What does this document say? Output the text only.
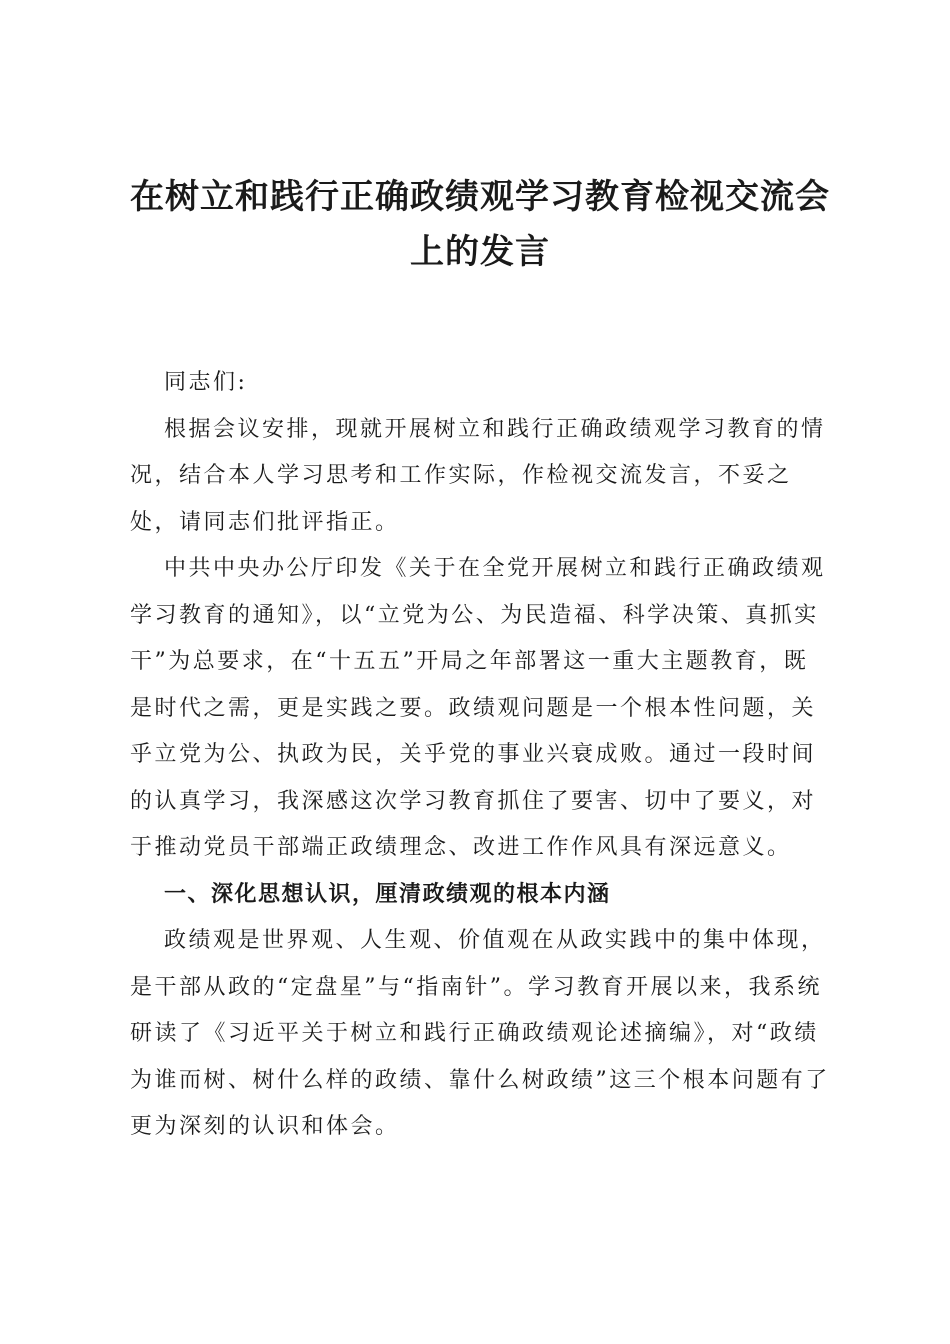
在树立和践行正确政绩观学习教育检视交流会上的发言

同志们:

根据会议安排，现就开展树立和践行正确政绩观学习教育的情况，结合本人学习思考和工作实际，作检视交流发言，不妥之处，请同志们批评指正。

中共中央办公厅印发《关于在全党开展树立和践行正确政绩观学习教育的通知》，以“立党为公、为民造福、科学决策、真抓实干”为总要求，在“十五五”开局之年部署这一重大主题教育，既是时代之需，更是实践之要。政绩观问题是一个根本性问题，关乎立党为公、执政为民，关乎党的事业兴衰成败。通过一段时间的认真学习，我深感这次学习教育抓住了要害、切中了要义，对于推动党员干部端正政绩理念、改进工作作风具有深远意义。

一、深化思想认识，厘清政绩观的根本内涵

政绩观是世界观、人生观、价值观在从政实践中的集中体现，是干部从政的“定盘星”与“指南针”。学习教育开展以来，我系统研读了《习近平关于树立和践行正确政绩观论述摘编》，对“政绩为谁而树、树什么样的政绩、靠什么树政绩”这三个根本问题有了更为深刻的认识和体会。
